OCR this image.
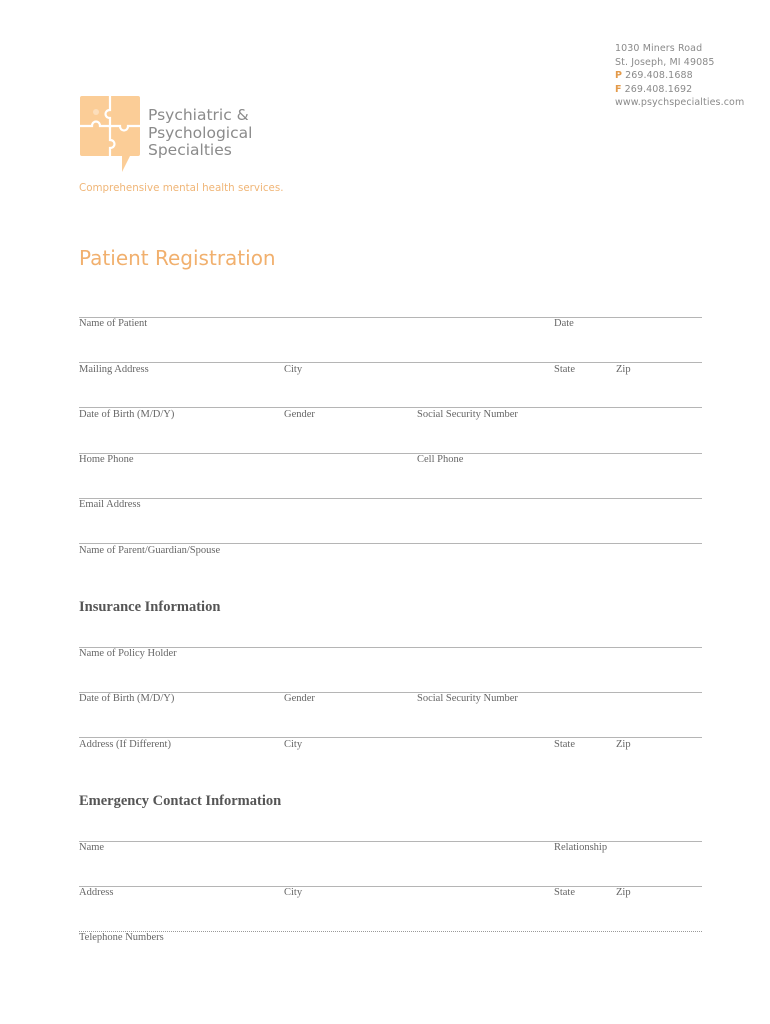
1030 Miners Road
St. Joseph, MI 49085
P 269.408.1688
F 269.408.1692
www.psychspecialties.com
Psychiatric &
Psychological
Specialties
Comprehensive mental health services.
Patient Registration
Name of Patient	Date
Mailing Address	City	State	Zip
Date of Birth (M/D/Y)	Gender	Social Security Number
Home Phone	Cell Phone
Email Address
Name of Parent/Guardian/Spouse
Insurance Information
Name of Policy Holder
Date of Birth (M/D/Y)	Gender	Social Security Number
Address (If Different)	City	State	Zip
Emergency Contact Information
Name	Relationship
Address	City	State	Zip
Telephone Numbers
